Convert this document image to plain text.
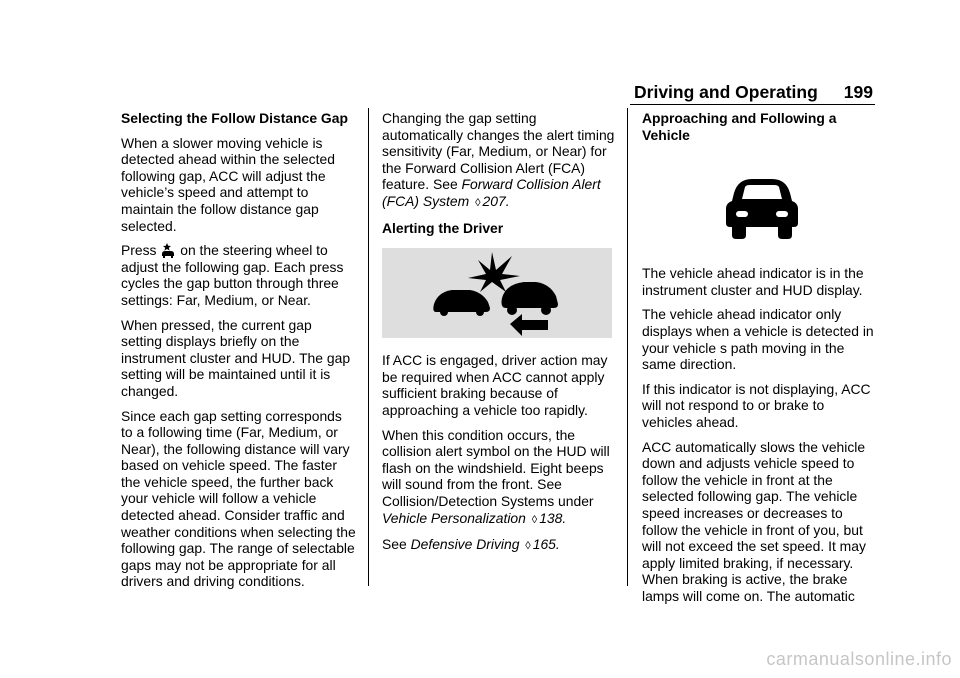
Driving and Operating 199
Selecting the Follow Distance Gap
When a slower moving vehicle is detected ahead within the selected following gap, ACC will adjust the vehicle’s speed and attempt to maintain the follow distance gap selected.
Press on the steering wheel to adjust the following gap. Each press cycles the gap button through three settings: Far, Medium, or Near.
When pressed, the current gap setting displays briefly on the instrument cluster and HUD. The gap setting will be maintained until it is changed.
Since each gap setting corresponds to a following time (Far, Medium, or Near), the following distance will vary based on vehicle speed. The faster the vehicle speed, the further back your vehicle will follow a vehicle detected ahead. Consider traffic and weather conditions when selecting the following gap. The range of selectable gaps may not be appropriate for all drivers and driving conditions.
Changing the gap setting automatically changes the alert timing sensitivity (Far, Medium, or Near) for the Forward Collision Alert (FCA) feature. See Forward Collision Alert (FCA) System ◊ 207.
Alerting the Driver
If ACC is engaged, driver action may be required when ACC cannot apply sufficient braking because of approaching a vehicle too rapidly.
When this condition occurs, the collision alert symbol on the HUD will flash on the windshield. Eight beeps will sound from the front. See Collision/Detection Systems under Vehicle Personalization ◊ 138.
See Defensive Driving ◊ 165.
Approaching and Following a Vehicle
The vehicle ahead indicator is in the instrument cluster and HUD display.
The vehicle ahead indicator only displays when a vehicle is detected in your vehicle s path moving in the same direction.
If this indicator is not displaying, ACC will not respond to or brake to vehicles ahead.
ACC automatically slows the vehicle down and adjusts vehicle speed to follow the vehicle in front at the selected following gap. The vehicle speed increases or decreases to follow the vehicle in front of you, but will not exceed the set speed. It may apply limited braking, if necessary. When braking is active, the brake lamps will come on. The automatic
carmanualsonline.info
